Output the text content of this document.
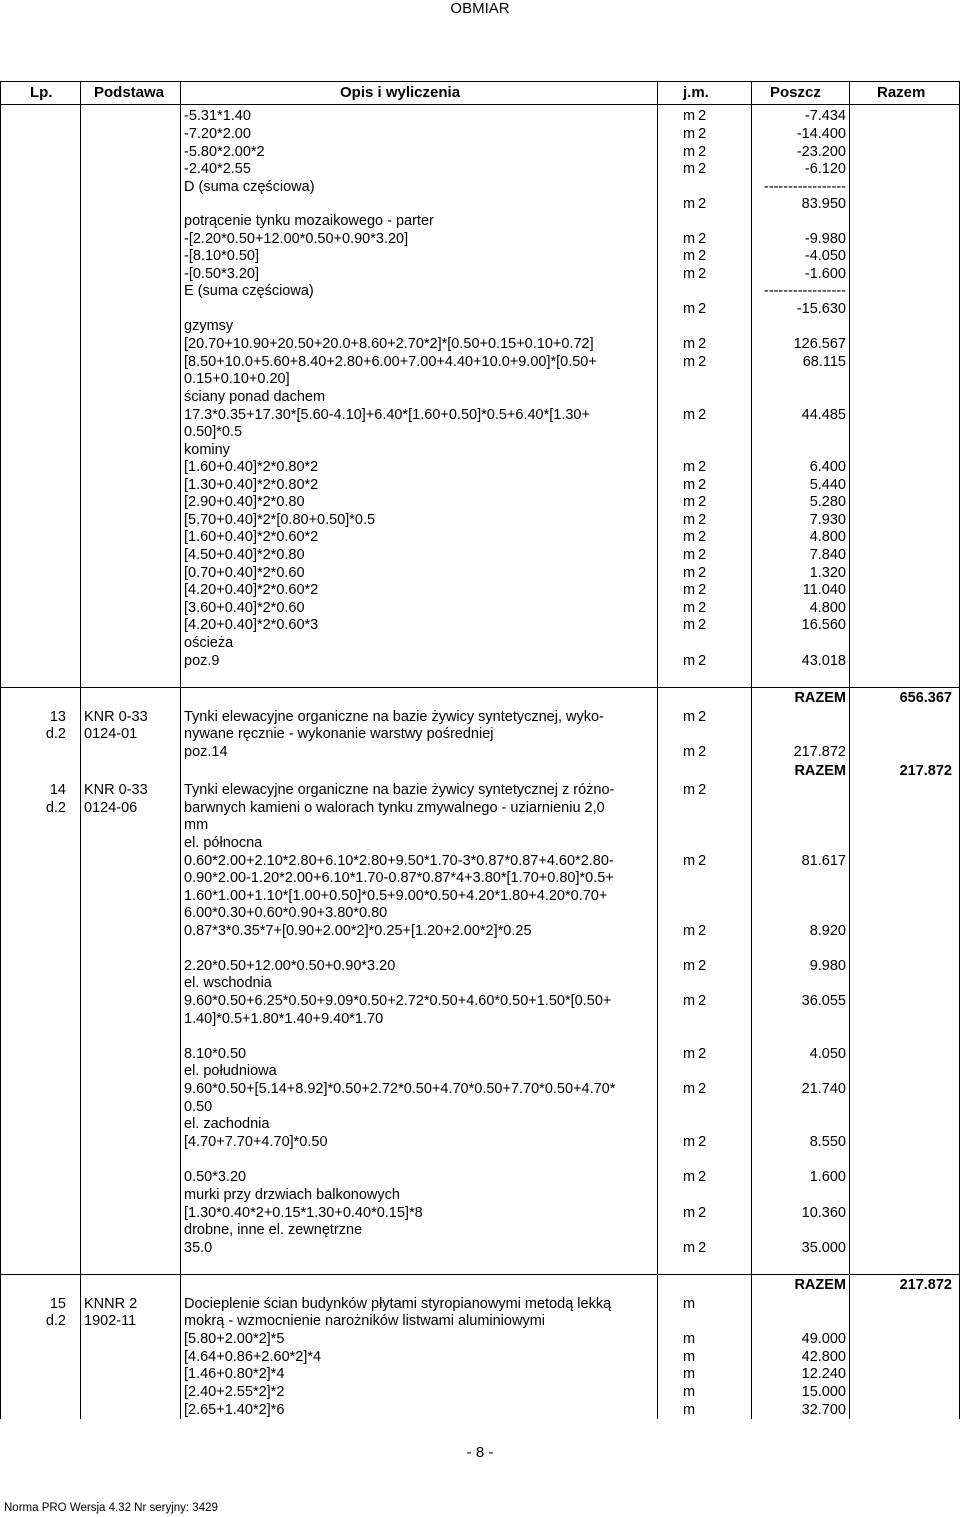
OBMIAR
Lp.	Podstawa	Opis i wyliczenia	j.m.	Poszcz	Razem
-5.31*1.40	m 2	-7.434
-7.20*2.00	m 2	-14.400
-5.80*2.00*2	m 2	-23.200
-2.40*2.55	m 2	-6.120
D (suma częściowa)	-----------------
m 2	83.950
potrącenie tynku mozaikowego - parter
-[2.20*0.50+12.00*0.50+0.90*3.20]	m 2	-9.980
-[8.10*0.50]	m 2	-4.050
-[0.50*3.20]	m 2	-1.600
E (suma częściowa)	-----------------
m 2	-15.630
gzymsy
[20.70+10.90+20.50+20.0+8.60+2.70*2]*[0.50+0.15+0.10+0.72]	m 2	126.567
[8.50+10.0+5.60+8.40+2.80+6.00+7.00+4.40+10.0+9.00]*[0.50+	m 2	68.115
0.15+0.10+0.20]
ściany ponad dachem
17.3*0.35+17.30*[5.60-4.10]+6.40*[1.60+0.50]*0.5+6.40*[1.30+	m 2	44.485
0.50]*0.5
kominy
[1.60+0.40]*2*0.80*2	m 2	6.400
[1.30+0.40]*2*0.80*2	m 2	5.440
[2.90+0.40]*2*0.80	m 2	5.280
[5.70+0.40]*2*[0.80+0.50]*0.5	m 2	7.930
[1.60+0.40]*2*0.60*2	m 2	4.800
[4.50+0.40]*2*0.80	m 2	7.840
[0.70+0.40]*2*0.60	m 2	1.320
[4.20+0.40]*2*0.60*2	m 2	11.040
[3.60+0.40]*2*0.60	m 2	4.800
[4.20+0.40]*2*0.60*3	m 2	16.560
ościeża
poz.9	m 2	43.018
RAZEM	656.367
13 KNR 0-33	Tynki elewacyjne organiczne na bazie żywicy syntetycznej, wyko-	m 2
d.2 0124-01	nywane ręcznie - wykonanie warstwy pośredniej
poz.14	m 2	217.872
RAZEM	217.872
14 KNR 0-33	Tynki elewacyjne organiczne na bazie żywicy syntetycznej z różno-	m 2
d.2 0124-06	barwnych kamieni o walorach tynku zmywalnego - uziarnieniu 2,0
mm
el. północna
0.60*2.00+2.10*2.80+6.10*2.80+9.50*1.70-3*0.87*0.87+4.60*2.80-	m 2	81.617
0.90*2.00-1.20*2.00+6.10*1.70-0.87*0.87*4+3.80*[1.70+0.80]*0.5+
1.60*1.00+1.10*[1.00+0.50]*0.5+9.00*0.50+4.20*1.80+4.20*0.70+
6.00*0.30+0.60*0.90+3.80*0.80
0.87*3*0.35*7+[0.90+2.00*2]*0.25+[1.20+2.00*2]*0.25	m 2	8.920
2.20*0.50+12.00*0.50+0.90*3.20	m 2	9.980
el. wschodnia
9.60*0.50+6.25*0.50+9.09*0.50+2.72*0.50+4.60*0.50+1.50*[0.50+	m 2	36.055
1.40]*0.5+1.80*1.40+9.40*1.70
8.10*0.50	m 2	4.050
el. południowa
9.60*0.50+[5.14+8.92]*0.50+2.72*0.50+4.70*0.50+7.70*0.50+4.70*	m 2	21.740
0.50
el. zachodnia
[4.70+7.70+4.70]*0.50	m 2	8.550
0.50*3.20	m 2	1.600
murki przy drzwiach balkonowych
[1.30*0.40*2+0.15*1.30+0.40*0.15]*8	m 2	10.360
drobne, inne el. zewnętrzne
35.0	m 2	35.000
RAZEM	217.872
15 KNNR 2	Docieplenie ścian budynków płytami styropianowymi metodą lekką	m
d.2 1902-11	mokrą - wzmocnienie narożników listwami aluminiowymi
[5.80+2.00*2]*5	m	49.000
[4.64+0.86+2.60*2]*4	m	42.800
[1.46+0.80*2]*4	m	12.240
[2.40+2.55*2]*2	m	15.000
[2.65+1.40*2]*6	m	32.700
- 8 -
Norma PRO Wersja 4.32 Nr seryjny: 3429
